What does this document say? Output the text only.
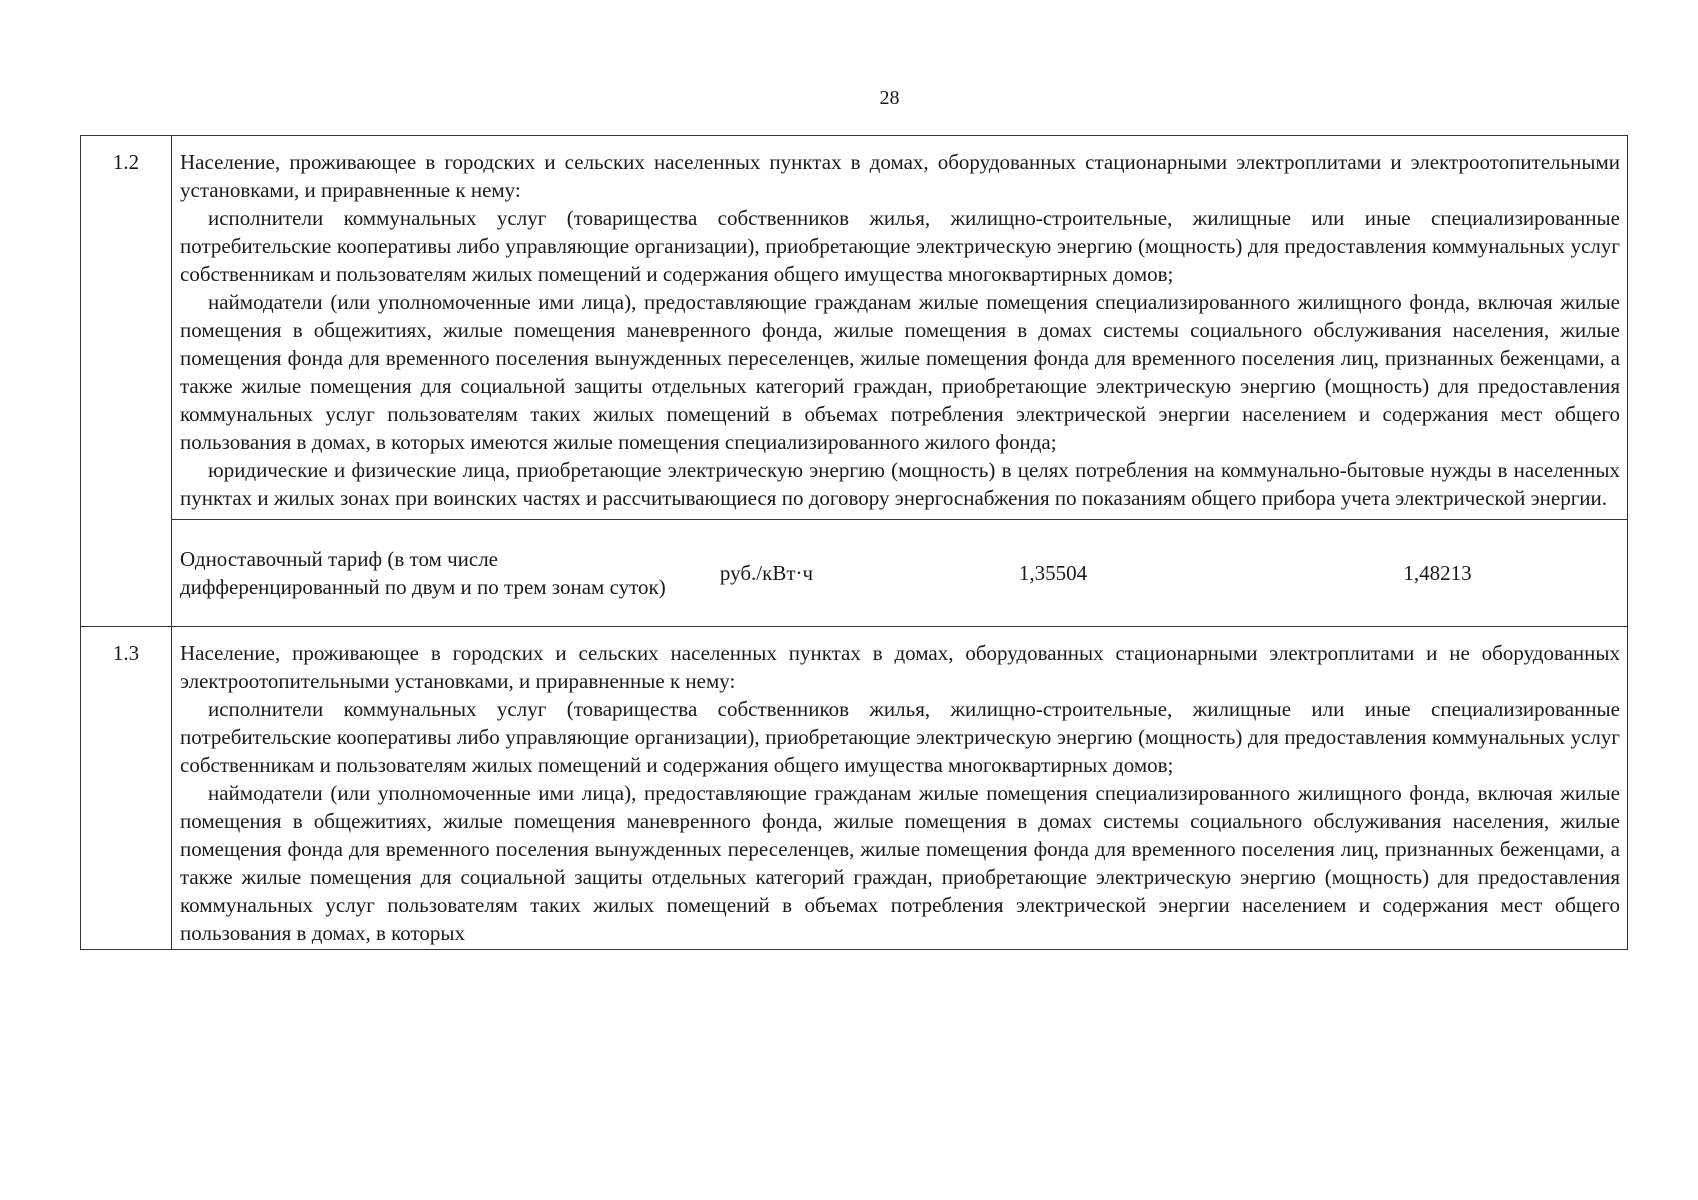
28
1.2	Население, проживающее в городских и сельских населенных пунктах в домах, оборудованных стационарными электроплитами и электроотопительными установками, и приравненные к нему:

исполнители коммунальных услуг (товарищества собственников жилья, жилищно-строительные, жилищные или иные специализированные потребительские кооперативы либо управляющие организации), приобретающие электрическую энергию (мощность) для предоставления коммунальных услуг собственникам и пользователям жилых помещений и содержания общего имущества многоквартирных домов;

наймодатели (или уполномоченные ими лица), предоставляющие гражданам жилые помещения специализированного жилищного фонда, включая жилые помещения в общежитиях, жилые помещения маневренного фонда, жилые помещения в домах системы социального обслуживания населения, жилые помещения фонда для временного поселения вынужденных переселенцев, жилые помещения фонда для временного поселения лиц, признанных беженцами, а также жилые помещения для социальной защиты отдельных категорий граждан, приобретающие электрическую энергию (мощность) для предоставления коммунальных услуг пользователям таких жилых помещений в объемах потребления электрической энергии населением и содержания мест общего пользования в домах, в которых имеются жилые помещения специализированного жилого фонда;

юридические и физические лица, приобретающие электрическую энергию (мощность) в целях потребления на коммунально-бытовые нужды в населенных пунктах и жилых зонах при воинских частях и рассчитывающиеся по договору энергоснабжения по показаниям общего прибора учета электрической энергии.

Одноставочный тариф (в том числе дифференцированный по двум и по трем зонам суток)	руб./кВт·ч	1,35504	1,48213

1.3	Население, проживающее в городских и сельских населенных пунктах в домах, оборудованных стационарными электроплитами и не оборудованных электроотопительными установками, и приравненные к нему:

исполнители коммунальных услуг (товарищества собственников жилья, жилищно-строительные, жилищные или иные специализированные потребительские кооперативы либо управляющие организации), приобретающие электрическую энергию (мощность) для предоставления коммунальных услуг собственникам и пользователям жилых помещений и содержания общего имущества многоквартирных домов;

наймодатели (или уполномоченные ими лица), предоставляющие гражданам жилые помещения специализированного жилищного фонда, включая жилые помещения в общежитиях, жилые помещения маневренного фонда, жилые помещения в домах системы социального обслуживания населения, жилые помещения фонда для временного поселения вынужденных переселенцев, жилые помещения фонда для временного поселения лиц, признанных беженцами, а также жилые помещения для социальной защиты отдельных категорий граждан, приобретающие электрическую энергию (мощность) для предоставления коммунальных услуг пользователям таких жилых помещений в объемах потребления электрической энергии населением и содержания мест общего пользования в домах, в которых
